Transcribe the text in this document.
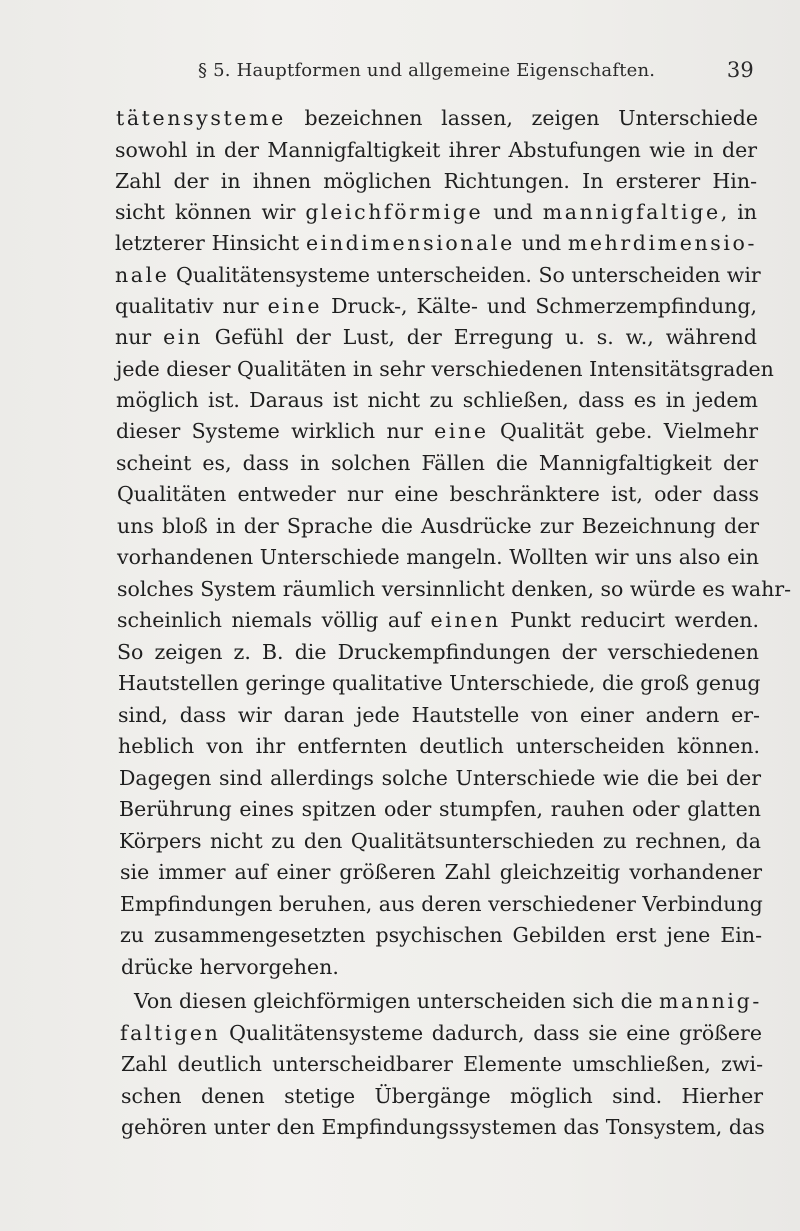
§ 5. Hauptformen und allgemeine Eigenschaften.	39
tätensysteme bezeichnen lassen, zeigen Unterschiede
sowohl in der Mannigfaltigkeit ihrer Abstufungen wie in der
Zahl der in ihnen möglichen Richtungen. In ersterer Hin-
sicht können wir gleichförmige und mannigfaltige, in
letzterer Hinsicht eindimensionale und mehrdimensio-
nale Qualitätensysteme unterscheiden. So unterscheiden wir
qualitativ nur eine Druck-, Kälte- und Schmerzempfindung,
nur ein Gefühl der Lust, der Erregung u. s. w., während
jede dieser Qualitäten in sehr verschiedenen Intensitätsgraden
möglich ist. Daraus ist nicht zu schließen, dass es in jedem
dieser Systeme wirklich nur eine Qualität gebe. Vielmehr
scheint es, dass in solchen Fällen die Mannigfaltigkeit der
Qualitäten entweder nur eine beschränktere ist, oder dass
uns bloß in der Sprache die Ausdrücke zur Bezeichnung der
vorhandenen Unterschiede mangeln. Wollten wir uns also ein
solches System räumlich versinnlicht denken, so würde es wahr-
scheinlich niemals völlig auf einen Punkt reducirt werden.
So zeigen z. B. die Druckempfindungen der verschiedenen
Hautstellen geringe qualitative Unterschiede, die groß genug
sind, dass wir daran jede Hautstelle von einer andern er-
heblich von ihr entfernten deutlich unterscheiden können.
Dagegen sind allerdings solche Unterschiede wie die bei der
Berührung eines spitzen oder stumpfen, rauhen oder glatten
Körpers nicht zu den Qualitätsunterschieden zu rechnen, da
sie immer auf einer größeren Zahl gleichzeitig vorhandener
Empfindungen beruhen, aus deren verschiedener Verbindung
zu zusammengesetzten psychischen Gebilden erst jene Ein-
drücke hervorgehen.
Von diesen gleichförmigen unterscheiden sich die mannig-
faltigen Qualitätensysteme dadurch, dass sie eine größere
Zahl deutlich unterscheidbarer Elemente umschließen, zwi-
schen denen stetige Übergänge möglich sind. Hierher
gehören unter den Empfindungssystemen das Tonsystem, das
